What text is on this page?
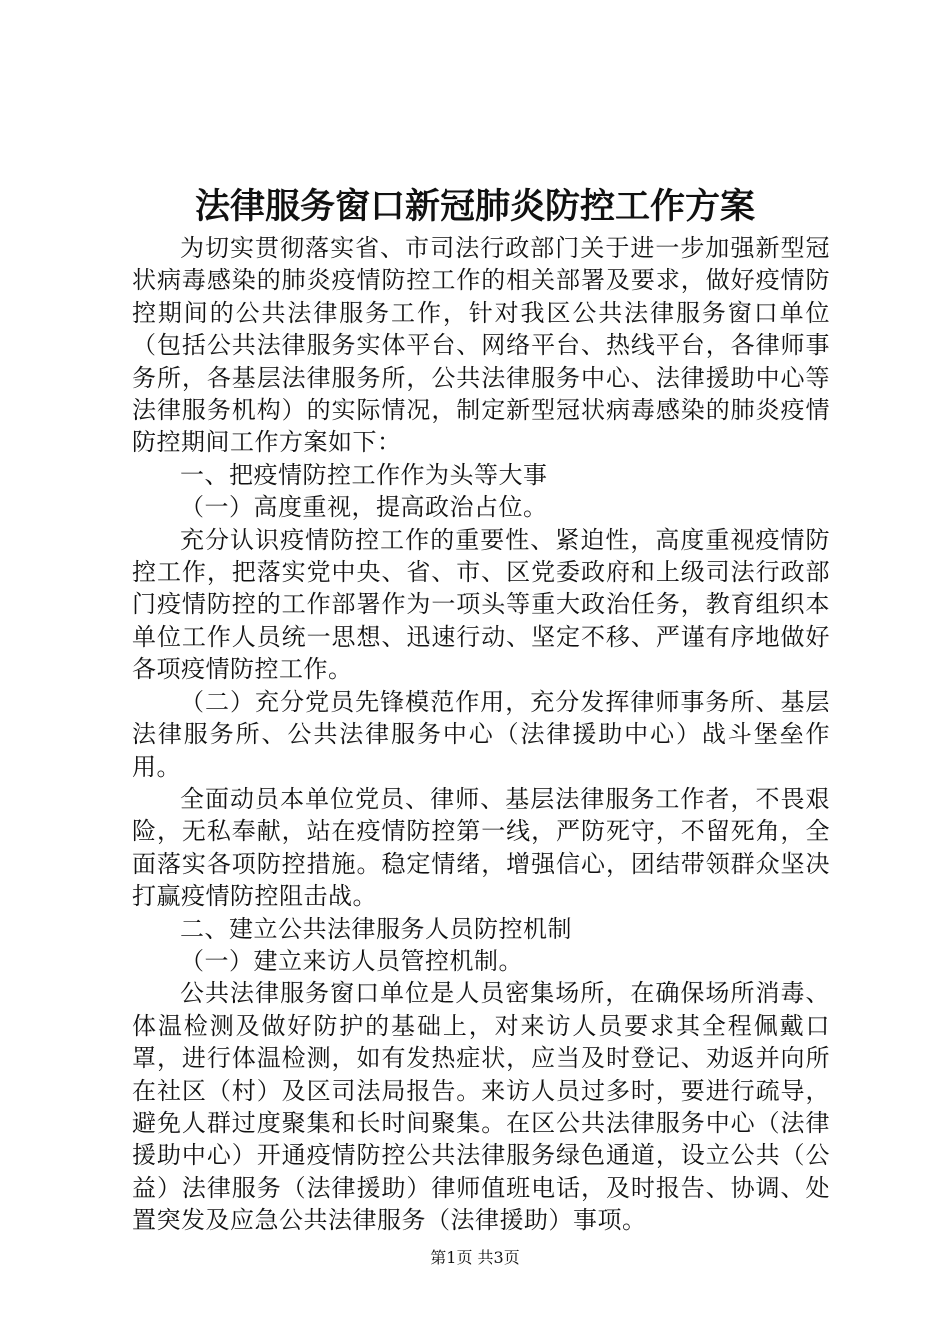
法律服务窗口新冠肺炎防控工作方案

为切实贯彻落实省、市司法行政部门关于进一步加强新型冠状病毒感染的肺炎疫情防控工作的相关部署及要求，做好疫情防控期间的公共法律服务工作，针对我区公共法律服务窗口单位（包括公共法律服务实体平台、网络平台、热线平台，各律师事务所，各基层法律服务所，公共法律服务中心、法律援助中心等法律服务机构）的实际情况，制定新型冠状病毒感染的肺炎疫情防控期间工作方案如下：

一、把疫情防控工作作为头等大事

（一）高度重视，提高政治占位。

充分认识疫情防控工作的重要性、紧迫性，高度重视疫情防控工作，把落实党中央、省、市、区党委政府和上级司法行政部门疫情防控的工作部署作为一项头等重大政治任务，教育组织本单位工作人员统一思想、迅速行动、坚定不移、严谨有序地做好各项疫情防控工作。

（二）充分党员先锋模范作用，充分发挥律师事务所、基层法律服务所、公共法律服务中心（法律援助中心）战斗堡垒作用。

全面动员本单位党员、律师、基层法律服务工作者，不畏艰险，无私奉献，站在疫情防控第一线，严防死守，不留死角，全面落实各项防控措施。稳定情绪，增强信心，团结带领群众坚决打赢疫情防控阻击战。

二、建立公共法律服务人员防控机制

（一）建立来访人员管控机制。

公共法律服务窗口单位是人员密集场所，在确保场所消毒、体温检测及做好防护的基础上，对来访人员要求其全程佩戴口罩，进行体温检测，如有发热症状，应当及时登记、劝返并向所在社区（村）及区司法局报告。来访人员过多时，要进行疏导，避免人群过度聚集和长时间聚集。在区公共法律服务中心（法律援助中心）开通疫情防控公共法律服务绿色通道，设立公共（公益）法律服务（法律援助）律师值班电话，及时报告、协调、处置突发及应急公共法律服务（法律援助）事项。

第1页 共3页
